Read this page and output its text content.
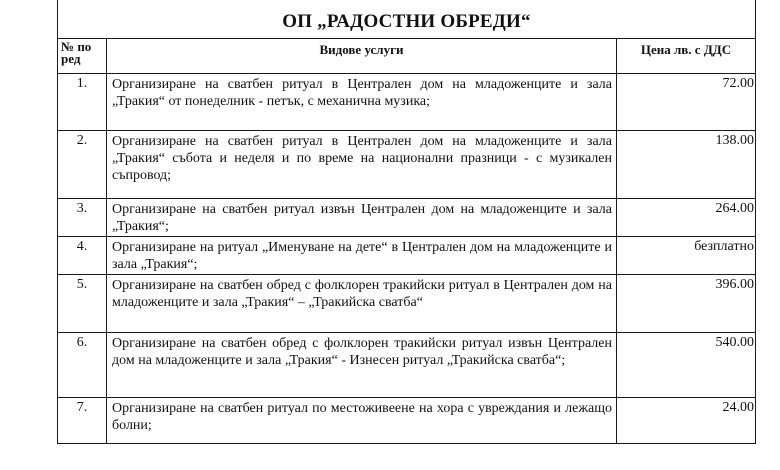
ОП „РАДОСТНИ ОБРЕДИ“		
№ по
ред	Видове услуги	Цена лв. с ДДС
1.	Организиране на сватбен ритуал в Централен дом на младоженците и зала „Тракия“ от понеделник - петък, с механична музика;	72.00
2.	Организиране на сватбен ритуал в Централен дом на младоженците и зала „Тракия“ събота и неделя и по време на национални празници - с музикален съпровод;	138.00
3.	Организиране на сватбен ритуал извън Централен дом на младоженците и зала „Тракия“;	264.00
4.	Организиране на ритуал „Именуване на дете“ в Централен дом на младоженците и зала „Тракия“;	безплатно
5.	Организиране на сватбен обред с фолклорен тракийски ритуал в Централен дом на младоженците и зала „Тракия“ – „Тракийска сватба“	396.00
6.	Организиране на сватбен обред с фолклорен тракийски ритуал извън Централен дом на младоженците и зала „Тракия“ - Изнесен ритуал „Тракийска сватба“;	540.00
7.	Организиране на сватбен ритуал по местоживеене на хора с увреждания и лежащо болни;	24.00
